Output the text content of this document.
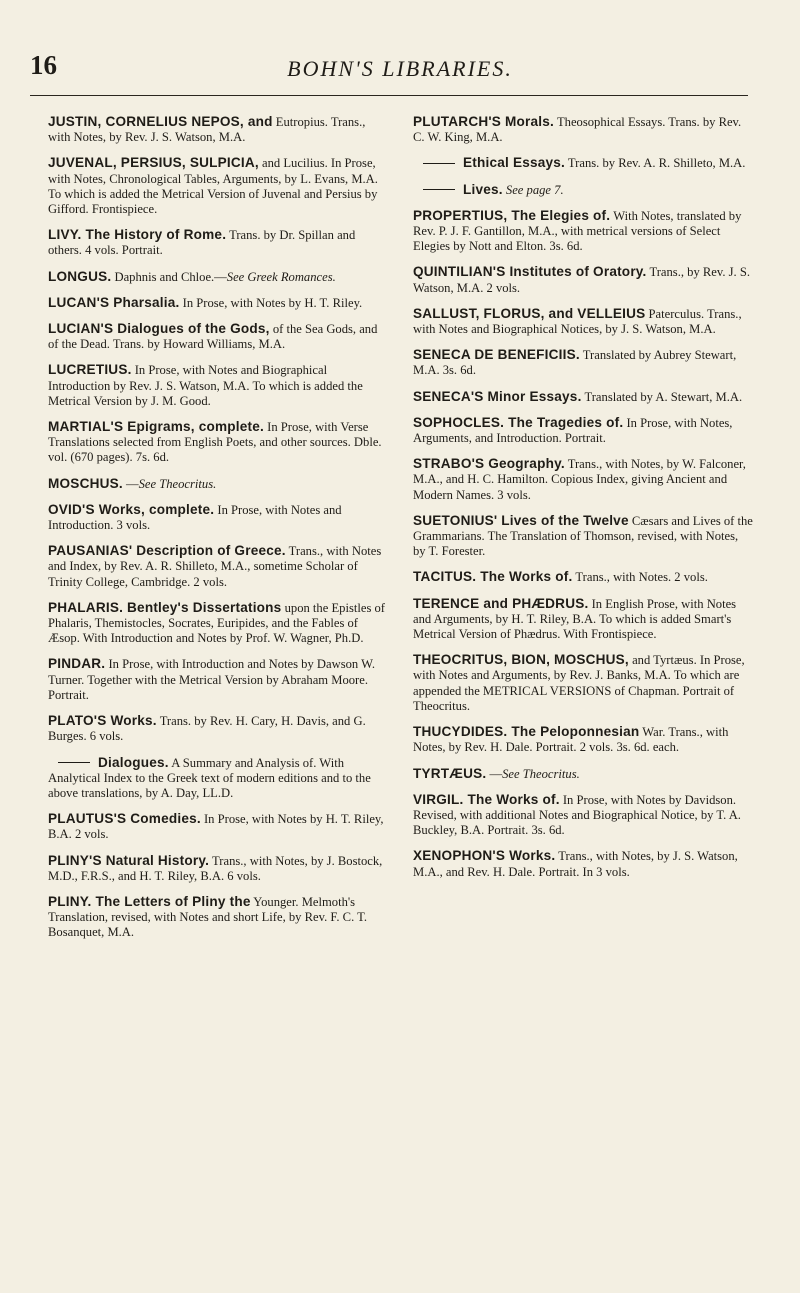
16	BOHN'S LIBRARIES.

JUSTIN, CORNELIUS NEPOS, and Eutropius. Trans., with Notes, by Rev. J. S. Watson, M.A.

JUVENAL, PERSIUS, SULPICIA, and Lucilius. In Prose, with Notes, Chronological Tables, Arguments, by L. Evans, M.A. To which is added the Metrical Version of Juvenal and Persius by Gifford. Frontispiece.

LIVY. The History of Rome. Trans. by Dr. Spillan and others. 4 vols. Portrait.

LONGUS. Daphnis and Chloe.—See Greek Romances.

LUCAN'S Pharsalia. In Prose, with Notes by H. T. Riley.

LUCIAN'S Dialogues of the Gods, of the Sea Gods, and of the Dead. Trans. by Howard Williams, M.A.

LUCRETIUS. In Prose, with Notes and Biographical Introduction by Rev. J. S. Watson, M.A. To which is added the Metrical Version by J. M. Good.

MARTIAL'S Epigrams, complete. In Prose, with Verse Translations selected from English Poets, and other sources. Dble. vol. (670 pages). 7s. 6d.

MOSCHUS. —See Theocritus.

OVID'S Works, complete. In Prose, with Notes and Introduction. 3 vols.

PAUSANIAS' Description of Greece. Trans., with Notes and Index, by Rev. A. R. Shilleto, M.A., sometime Scholar of Trinity College, Cambridge. 2 vols.

PHALARIS. Bentley's Dissertations upon the Epistles of Phalaris, Themistocles, Socrates, Euripides, and the Fables of Æsop. With Introduction and Notes by Prof. W. Wagner, Ph.D.

PINDAR. In Prose, with Introduction and Notes by Dawson W. Turner. Together with the Metrical Version by Abraham Moore. Portrait.

PLATO'S Works. Trans. by Rev. H. Cary, H. Davis, and G. Burges. 6 vols.

Dialogues. A Summary and Analysis of. With Analytical Index to the Greek text of modern editions and to the above translations, by A. Day, LL.D.

PLAUTUS'S Comedies. In Prose, with Notes by H. T. Riley, B.A. 2 vols.

PLINY'S Natural History. Trans., with Notes, by J. Bostock, M.D., F.R.S., and H. T. Riley, B.A. 6 vols.

PLINY. The Letters of Pliny the Younger. Melmoth's Translation, revised, with Notes and short Life, by Rev. F. C. T. Bosanquet, M.A.

PLUTARCH'S Morals. Theosophical Essays. Trans. by Rev. C. W. King, M.A.

Ethical Essays. Trans. by Rev. A. R. Shilleto, M.A.

Lives. See page 7.

PROPERTIUS, The Elegies of. With Notes, translated by Rev. P. J. F. Gantillon, M.A., with metrical versions of Select Elegies by Nott and Elton. 3s. 6d.

QUINTILIAN'S Institutes of Oratory. Trans., by Rev. J. S. Watson, M.A. 2 vols.

SALLUST, FLORUS, and VELLEIUS Paterculus. Trans., with Notes and Biographical Notices, by J. S. Watson, M.A.

SENECA DE BENEFICIIS. Translated by Aubrey Stewart, M.A. 3s. 6d.

SENECA'S Minor Essays. Translated by A. Stewart, M.A.

SOPHOCLES. The Tragedies of. In Prose, with Notes, Arguments, and Introduction. Portrait.

STRABO'S Geography. Trans., with Notes, by W. Falconer, M.A., and H. C. Hamilton. Copious Index, giving Ancient and Modern Names. 3 vols.

SUETONIUS' Lives of the Twelve Cæsars and Lives of the Grammarians. The Translation of Thomson, revised, with Notes, by T. Forester.

TACITUS. The Works of. Trans., with Notes. 2 vols.

TERENCE and PHÆDRUS. In English Prose, with Notes and Arguments, by H. T. Riley, B.A. To which is added Smart's Metrical Version of Phædrus. With Frontispiece.

THEOCRITUS, BION, MOSCHUS, and Tyrtæus. In Prose, with Notes and Arguments, by Rev. J. Banks, M.A. To which are appended the METRICAL VERSIONS of Chapman. Portrait of Theocritus.

THUCYDIDES. The Peloponnesian War. Trans., with Notes, by Rev. H. Dale. Portrait. 2 vols. 3s. 6d. each.

TYRTÆUS. —See Theocritus.

VIRGIL. The Works of. In Prose, with Notes by Davidson. Revised, with additional Notes and Biographical Notice, by T. A. Buckley, B.A. Portrait. 3s. 6d.

XENOPHON'S Works. Trans., with Notes, by J. S. Watson, M.A., and Rev. H. Dale. Portrait. In 3 vols.
